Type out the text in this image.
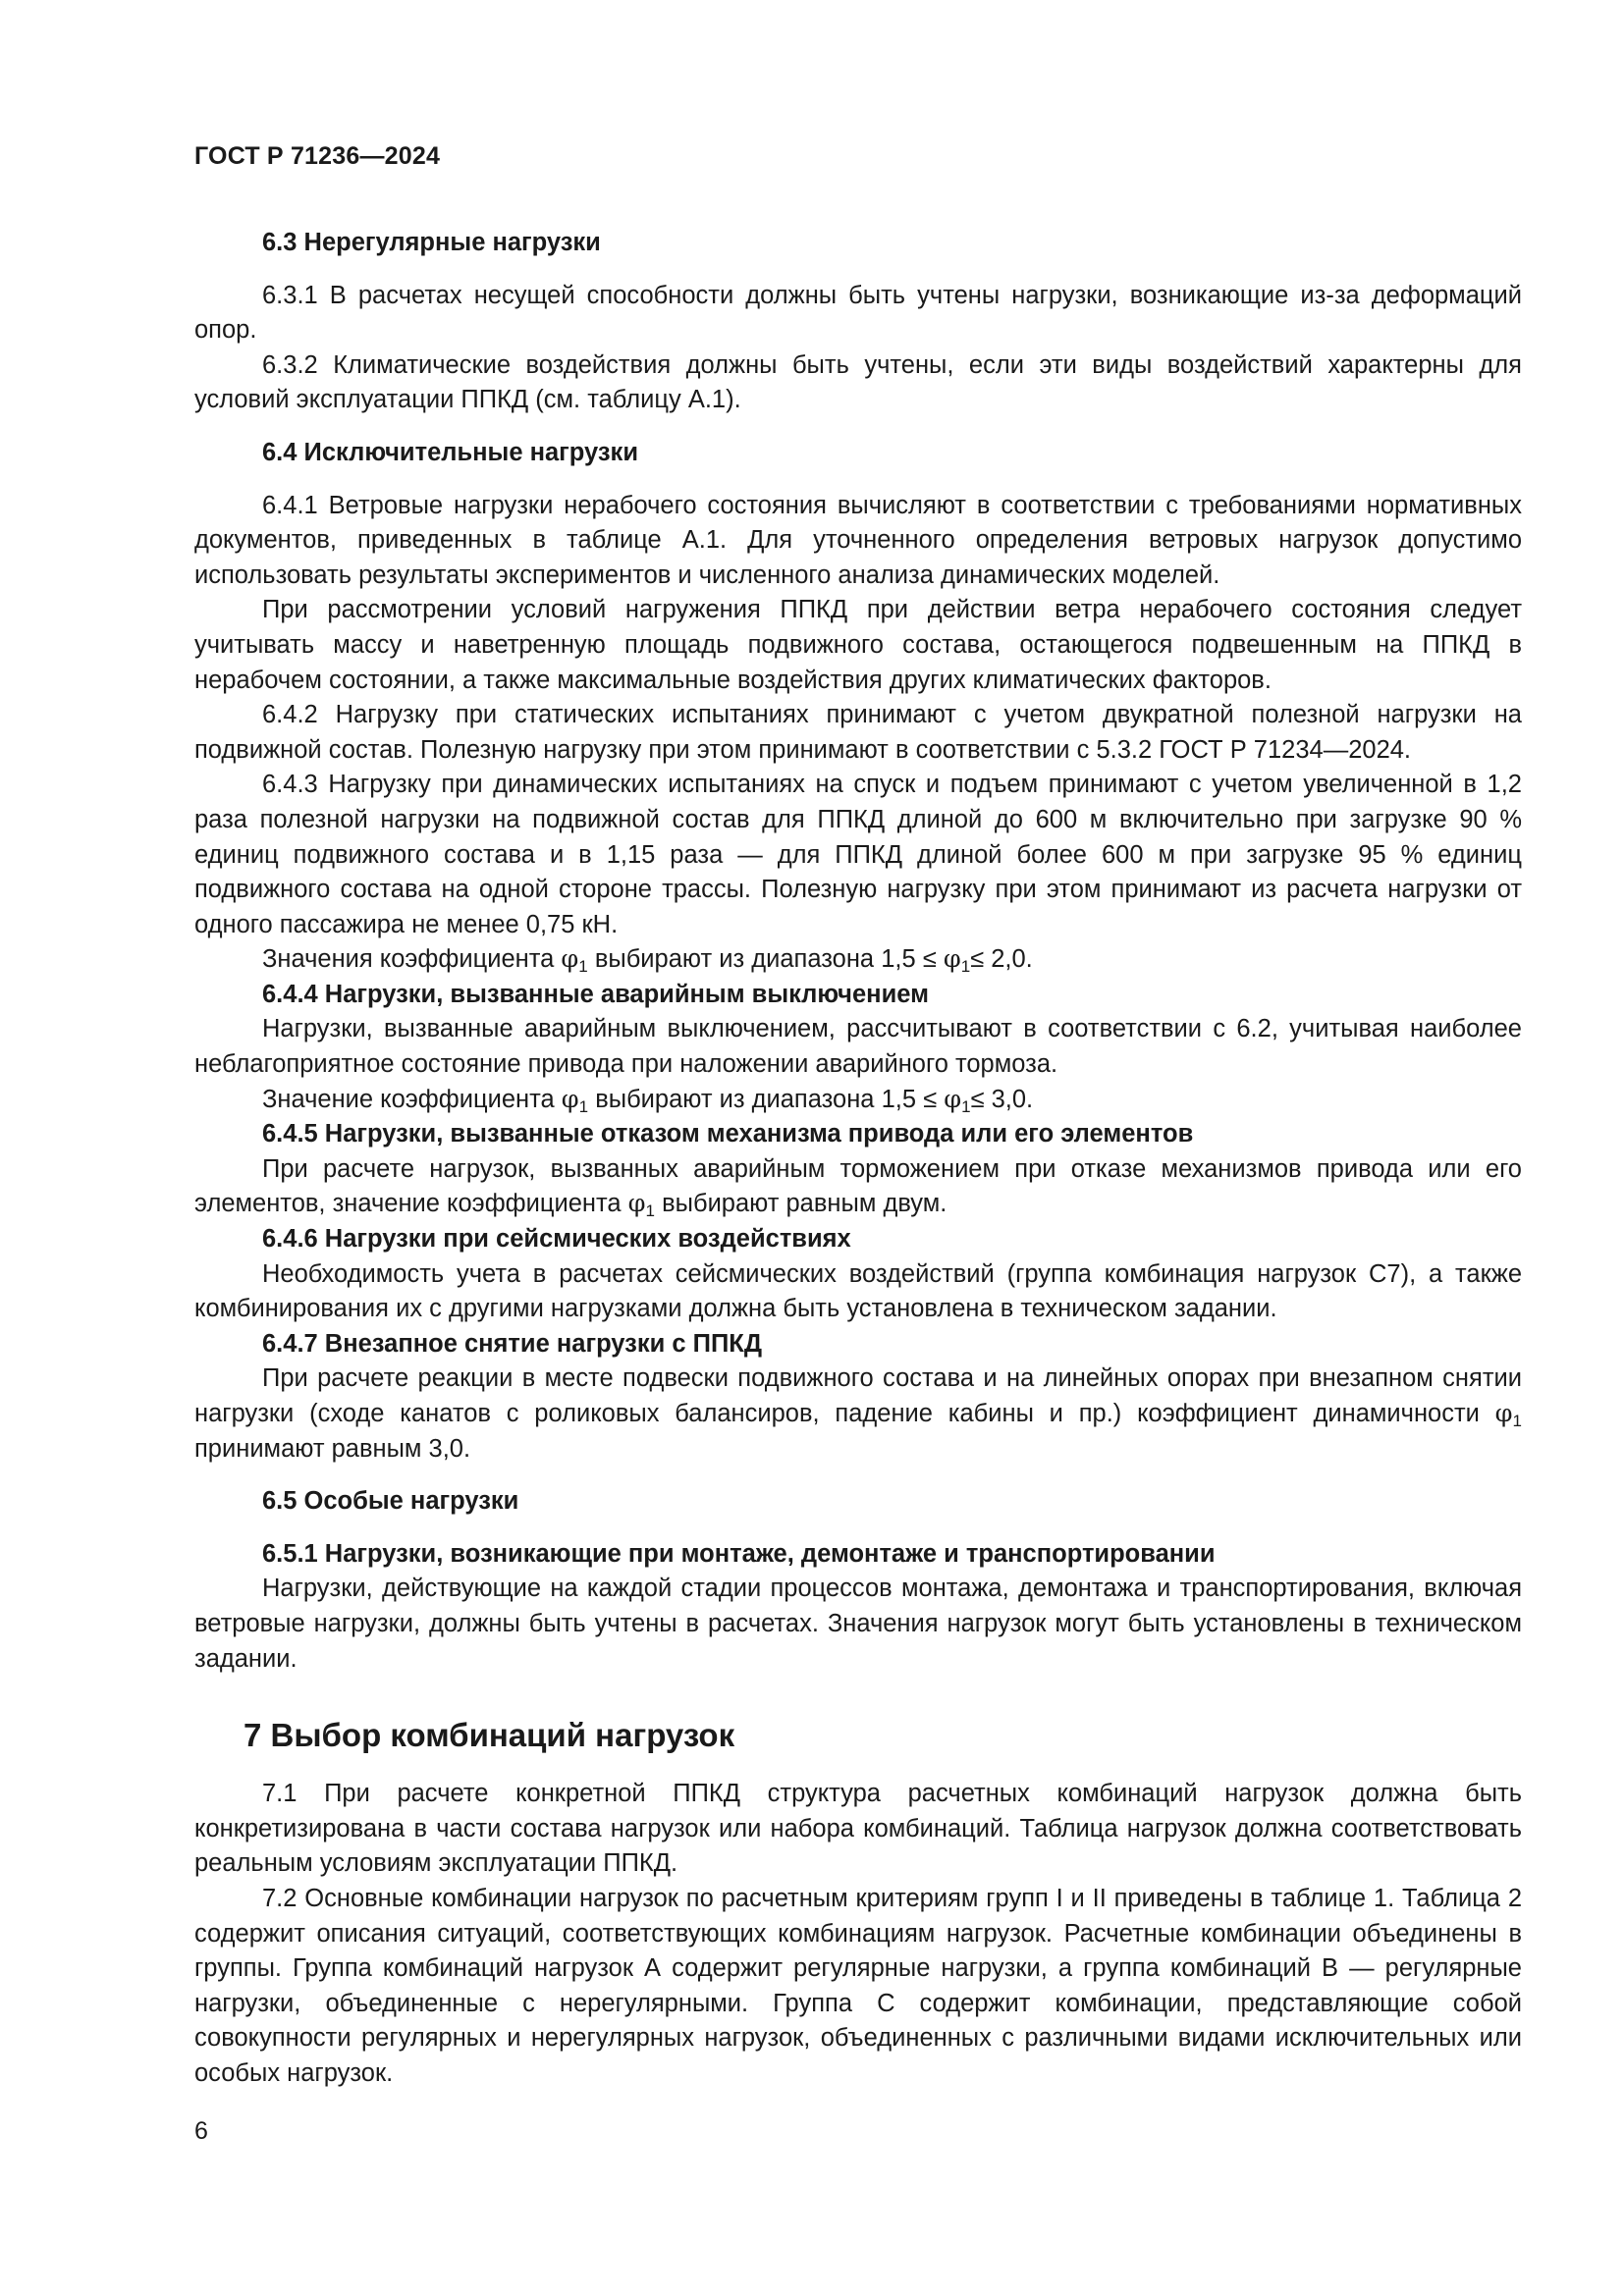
ГОСТ Р 71236—2024
6.3 Нерегулярные нагрузки

6.3.1 В расчетах несущей способности должны быть учтены нагрузки, возникающие из-за деформаций опор.

6.3.2 Климатические воздействия должны быть учтены, если эти виды воздействий характерны для условий эксплуатации ППКД (см. таблицу А.1).

6.4 Исключительные нагрузки

6.4.1 Ветровые нагрузки нерабочего состояния вычисляют в соответствии с требованиями нормативных документов, приведенных в таблице А.1. Для уточненного определения ветровых нагрузок допустимо использовать результаты экспериментов и численного анализа динамических моделей.

При рассмотрении условий нагружения ППКД при действии ветра нерабочего состояния следует учитывать массу и наветренную площадь подвижного состава, остающегося подвешенным на ППКД в нерабочем состоянии, а также максимальные воздействия других климатических факторов.

6.4.2 Нагрузку при статических испытаниях принимают с учетом двукратной полезной нагрузки на подвижной состав. Полезную нагрузку при этом принимают в соответствии с 5.3.2 ГОСТ Р 71234—2024.

6.4.3 Нагрузку при динамических испытаниях на спуск и подъем принимают с учетом увеличенной в 1,2 раза полезной нагрузки на подвижной состав для ППКД длиной до 600 м включительно при загрузке 90 % единиц подвижного состава и в 1,15 раза — для ППКД длиной более 600 м при загрузке 95 % единиц подвижного состава на одной стороне трассы. Полезную нагрузку при этом принимают из расчета нагрузки от одного пассажира не менее 0,75 кН.

Значения коэффициента $\varphi_1$ выбирают из диапазона $1,5 \le \varphi_1\le 2,0$.

6.4.4 Нагрузки, вызванные аварийным выключением

Нагрузки, вызванные аварийным выключением, рассчитывают в соответствии с 6.2, учитывая наиболее неблагоприятное состояние привода при наложении аварийного тормоза.

Значение коэффициента $\varphi_1$ выбирают из диапазона $1,5 \le \varphi_1\le 3,0$.

6.4.5 Нагрузки, вызванные отказом механизма привода или его элементов

При расчете нагрузок, вызванных аварийным торможением при отказе механизмов привода или его элементов, значение коэффициента $\varphi_1$ выбирают равным двум.

6.4.6 Нагрузки при сейсмических воздействиях

Необходимость учета в расчетах сейсмических воздействий (группа комбинация нагрузок С7), а также комбинирования их с другими нагрузками должна быть установлена в техническом задании.

6.4.7 Внезапное снятие нагрузки с ППКД

При расчете реакции в месте подвески подвижного состава и на линейных опорах при внезапном снятии нагрузки (сходе канатов с роликовых балансиров, падение кабины и пр.) коэффициент динамичности $\varphi_1$ принимают равным 3,0.

6.5 Особые нагрузки
6.5.1 Нагрузки, возникающие при монтаже, демонтаже и транспортировании

Нагрузки, действующие на каждой стадии процессов монтажа, демонтажа и транспортирования, включая ветровые нагрузки, должны быть учтены в расчетах. Значения нагрузок могут быть установлены в техническом задании.

7 Выбор комбинаций нагрузок

7.1 При расчете конкретной ППКД структура расчетных комбинаций нагрузок должна быть конкретизирована в части состава нагрузок или набора комбинаций. Таблица нагрузок должна соответствовать реальным условиям эксплуатации ППКД.

7.2 Основные комбинации нагрузок по расчетным критериям групп I и II приведены в таблице 1. Таблица 2 содержит описания ситуаций, соответствующих комбинациям нагрузок. Расчетные комбинации объединены в группы. Группа комбинаций нагрузок А содержит регулярные нагрузки, а группа комбинаций В — регулярные нагрузки, объединенные с нерегулярными. Группа С содержит комбинации, представляющие собой совокупности регулярных и нерегулярных нагрузок, объединенных с различными видами исключительных или особых нагрузок.

6
